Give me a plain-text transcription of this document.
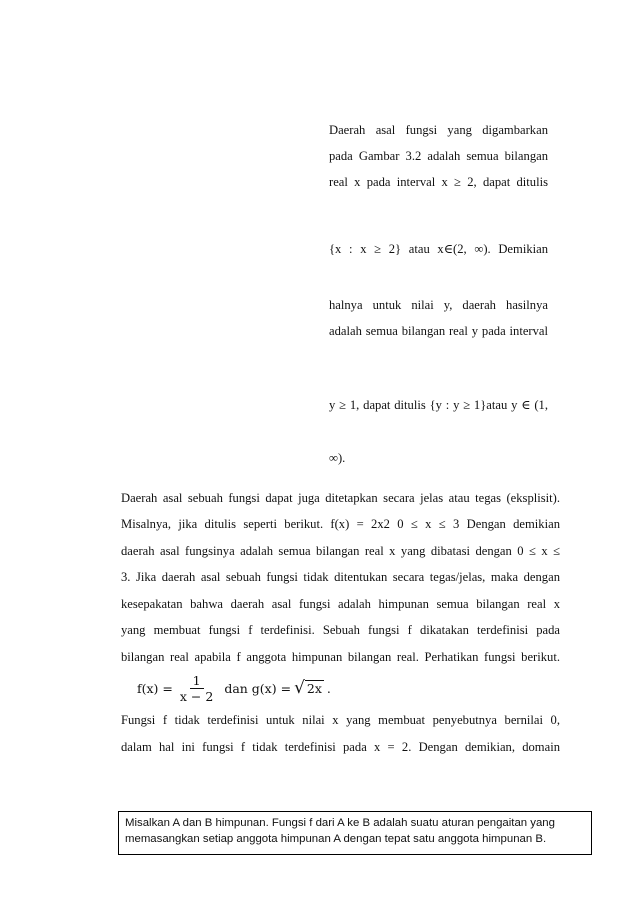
Daerah asal fungsi yang digambarkan
pada Gambar 3.2 adalah semua bilangan
real x pada interval x ≥ 2, dapat ditulis
{x : x ≥ 2} atau x∈(2, ∞). Demikian
halnya untuk nilai y, daerah hasilnya
adalah semua bilangan real y pada interval
y ≥ 1, dapat ditulis {y : y ≥ 1}atau y ∈ (1,
∞).
Daerah asal sebuah fungsi dapat juga ditetapkan secara jelas atau tegas (eksplisit).
Misalnya, jika ditulis seperti berikut. f(x) = 2x2 0 ≤ x ≤ 3 Dengan demikian
daerah asal fungsinya adalah semua bilangan real x yang dibatasi dengan 0 ≤ x ≤
3. Jika daerah asal sebuah fungsi tidak ditentukan secara tegas/jelas, maka dengan
kesepakatan bahwa daerah asal fungsi adalah himpunan semua bilangan real x
yang membuat fungsi f terdefinisi. Sebuah fungsi f dikatakan terdefinisi pada
bilangan real apabila f anggota himpunan bilangan real. Perhatikan fungsi berikut.
$f(x) = \frac{1}{x - 2}$ dan g(x) = √ 2x .
Fungsi f tidak terdefinisi untuk nilai x yang membuat penyebutnya bernilai 0,
dalam hal ini fungsi f tidak terdefinisi pada x = 2. Dengan demikian, domain
Misalkan A dan B himpunan. Fungsi f dari A ke B adalah suatu aturan pengaitan yang
memasangkan setiap anggota himpunan A dengan tepat satu anggota himpunan B.
